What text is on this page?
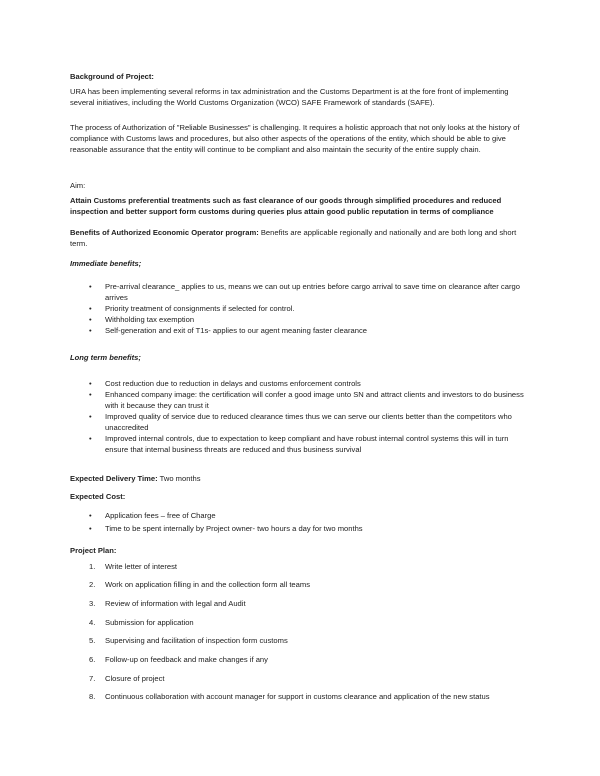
Background of Project:

URA has been implementing several reforms in tax administration and the Customs Department is at the fore front of implementing several initiatives, including the World Customs Organization (WCO) SAFE Framework of standards (SAFE).

The process of Authorization of "Reliable Businesses" is challenging. It requires a holistic approach that not only looks at the history of compliance with Customs laws and procedures, but also other aspects of the operations of the entity, which should be able to give reasonable assurance that the entity will continue to be compliant and also maintain the security of the entire supply chain.

Aim:

Attain Customs preferential treatments such as fast clearance of our goods through simplified procedures and reduced inspection and better support form customs during queries plus attain good public reputation in terms of compliance

Benefits of Authorized Economic Operator program: Benefits are applicable regionally and nationally and are both long and short term.

Immediate benefits;

• Pre-arrival clearance_ applies to us, means we can out up entries before cargo arrival to save time on clearance after cargo arrives
• Priority treatment of consignments if selected for control.
• Withholding tax exemption
• Self-generation and exit of T1s- applies to our agent meaning faster clearance

Long term benefits;

• Cost reduction due to reduction in delays and customs enforcement controls
• Enhanced company image: the certification will confer a good image unto SN and attract clients and investors to do business with it because they can trust it
• Improved quality of service due to reduced clearance times thus we can serve our clients better than the competitors who unaccredited
• Improved internal controls, due to expectation to keep compliant and have robust internal control systems this will in turn ensure that internal business threats are reduced and thus business survival

Expected Delivery Time: Two months

Expected Cost:

• Application fees – free of Charge
• Time to be spent internally by Project owner- two hours a day for two months

Project Plan:

1. Write letter of interest
2. Work on application filling in and the collection form all teams
3. Review of information with legal and Audit
4. Submission for application
5. Supervising and facilitation of inspection form customs
6. Follow-up on feedback and make changes if any
7. Closure of project
8. Continuous collaboration with account manager for support in customs clearance and application of the new status
